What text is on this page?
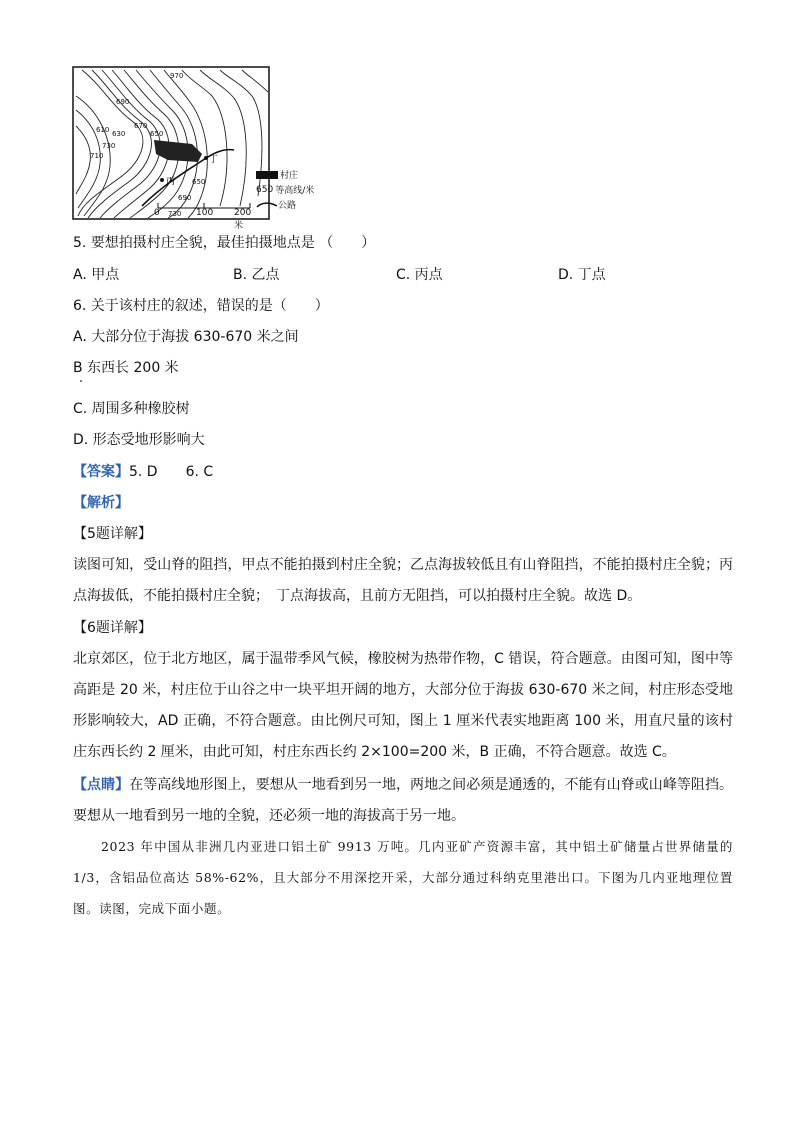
丙
丁
970
690
670
650
630
610
710
730
690
650
730
村庄
650 等高线/米
公路
0	100 200米
5. 要想拍摄村庄全貌，最佳拍摄地点是 （　　）
A. 甲点	B. 乙点	C. 丙点	D. 丁点
6. 关于该村庄的叙述，错误的是（　　）
A. 大部分位于海拔 630-670 米之间
B 东西长 200 米
C. 周围多种橡胶树
D. 形态受地形影响大
【答案】5. D　　6. C
【解析】
【5题详解】
读图可知，受山脊的阻挡，甲点不能拍摄到村庄全貌；乙点海拔较低且有山脊阻挡，不能拍摄村庄全貌；丙点海拔低，不能拍摄村庄全貌；　丁点海拔高，且前方无阻挡，可以拍摄村庄全貌。故选 D。
【6题详解】
北京郊区，位于北方地区，属于温带季风气候，橡胶树为热带作物，C 错误，符合题意。由图可知，图中等高距是 20 米，村庄位于山谷之中一块平坦开阔的地方，大部分位于海拔 630-670 米之间，村庄形态受地形影响较大，AD 正确，不符合题意。由比例尺可知，图上 1 厘米代表实地距离 100 米，用直尺量的该村庄东西长约 2 厘米，由此可知，村庄东西长约 2×100=200 米，B 正确，不符合题意。故选 C。
【点睛】在等高线地形图上，要想从一地看到另一地，两地之间必须是通透的，不能有山脊或山峰等阻挡。要想从一地看到另一地的全貌，还必须一地的海拔高于另一地。
2023 年中国从非洲几内亚进口铝土矿 9913 万吨。几内亚矿产资源丰富，其中铝土矿储量占世界储量的 1/3，含铝品位高达 58%-62%，且大部分不用深挖开采，大部分通过科纳克里港出口。下图为几内亚地理位置图。读图，完成下面小题。
